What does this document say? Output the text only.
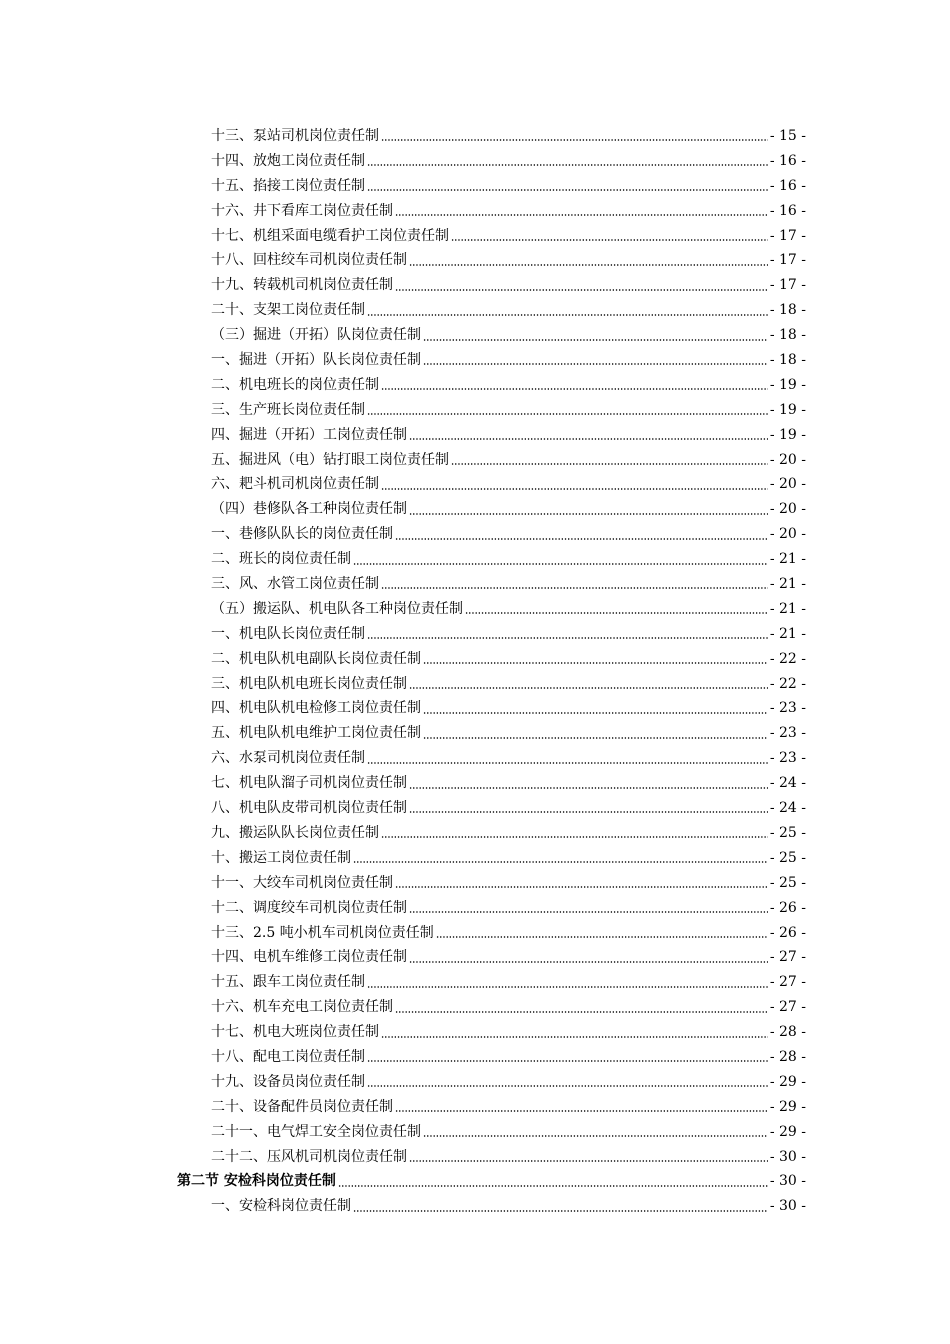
十三、泵站司机岗位责任制	- 15 -
十四、放炮工岗位责任制	- 16 -
十五、掐接工岗位责任制	- 16 -
十六、井下看库工岗位责任制	- 16 -
十七、机组采面电缆看护工岗位责任制	- 17 -
十八、回柱绞车司机岗位责任制	- 17 -
十九、转载机司机岗位责任制	- 17 -
二十、支架工岗位责任制	- 18 -
（三）掘进（开拓）队岗位责任制	- 18 -
一、掘进（开拓）队长岗位责任制	- 18 -
二、机电班长的岗位责任制	- 19 -
三、生产班长岗位责任制	- 19 -
四、掘进（开拓）工岗位责任制	- 19 -
五、掘进风（电）钻打眼工岗位责任制	- 20 -
六、耙斗机司机岗位责任制	- 20 -
（四）巷修队各工种岗位责任制	- 20 -
一、巷修队队长的岗位责任制	- 20 -
二、班长的岗位责任制	- 21 -
三、风、水管工岗位责任制	- 21 -
（五）搬运队、机电队各工种岗位责任制	- 21 -
一、机电队长岗位责任制	- 21 -
二、机电队机电副队长岗位责任制	- 22 -
三、机电队机电班长岗位责任制	- 22 -
四、机电队机电检修工岗位责任制	- 23 -
五、机电队机电维护工岗位责任制	- 23 -
六、水泵司机岗位责任制	- 23 -
七、机电队溜子司机岗位责任制	- 24 -
八、机电队皮带司机岗位责任制	- 24 -
九、搬运队队长岗位责任制	- 25 -
十、搬运工岗位责任制	- 25 -
十一、大绞车司机岗位责任制	- 25 -
十二、调度绞车司机岗位责任制	- 26 -
十三、2.5 吨小机车司机岗位责任制	- 26 -
十四、电机车维修工岗位责任制	- 27 -
十五、跟车工岗位责任制	- 27 -
十六、机车充电工岗位责任制	- 27 -
十七、机电大班岗位责任制	- 28 -
十八、配电工岗位责任制	- 28 -
十九、设备员岗位责任制	- 29 -
二十、设备配件员岗位责任制	- 29 -
二十一、电气焊工安全岗位责任制	- 29 -
二十二、压风机司机岗位责任制	- 30 -
第二节 安检科岗位责任制	- 30 -
一、安检科岗位责任制	- 30 -
